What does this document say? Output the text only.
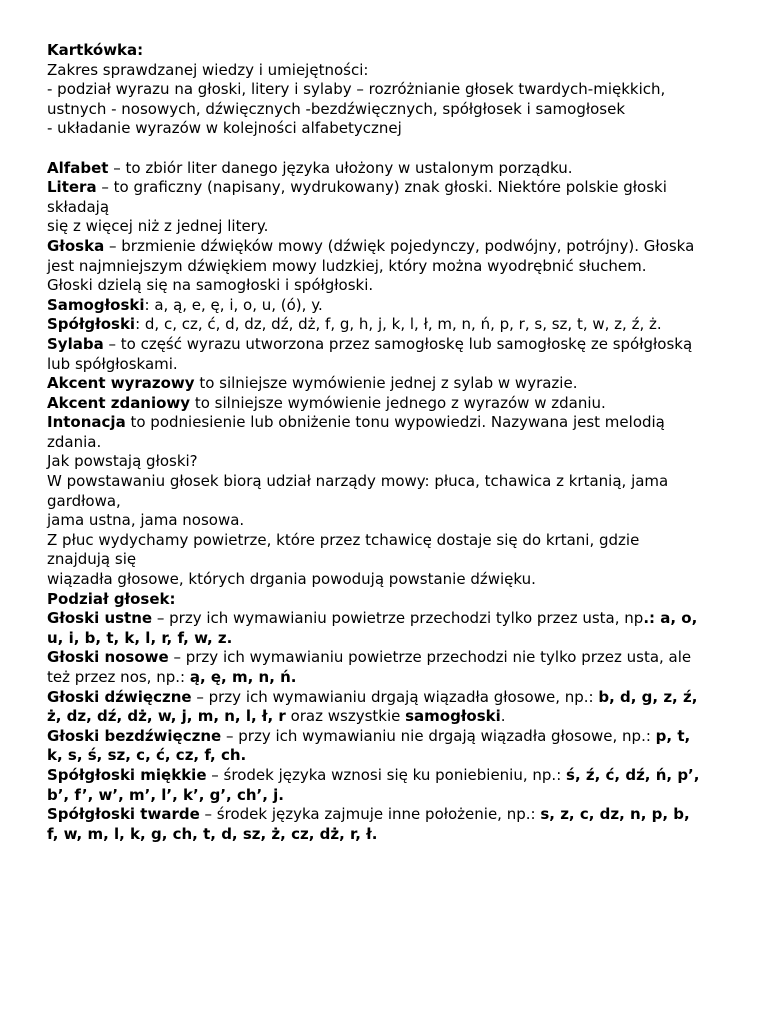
Kartkówka:
Zakres sprawdzanej wiedzy i umiejętności:
- podział wyrazu na głoski, litery i sylaby – rozróżnianie głosek twardych-miękkich,
ustnych - nosowych, dźwięcznych -bezdźwięcznych, spółgłosek i samogłosek
- układanie wyrazów w kolejności alfabetycznej
Alfabet – to zbiór liter danego języka ułożony w ustalonym porządku.
Litera – to graficzny (napisany, wydrukowany) znak głoski. Niektóre polskie głoski
składają
się z więcej niż z jednej litery.
Głoska – brzmienie dźwięków mowy (dźwięk pojedynczy, podwójny, potrójny). Głoska
jest najmniejszym dźwiękiem mowy ludzkiej, który można wyodrębnić słuchem.
Głoski dzielą się na samogłoski i spółgłoski.
Samogłoski: a, ą, e, ę, i, o, u, (ó), y.
Spółgłoski: d, c, cz, ć, d, dz, dź, dż, f, g, h, j, k, l, ł, m, n, ń, p, r, s, sz, t, w, z, ź, ż.
Sylaba – to część wyrazu utworzona przez samogłoskę lub samogłoskę ze spółgłoską
lub spółgłoskami.
Akcent wyrazowy to silniejsze wymówienie jednej z sylab w wyrazie.
Akcent zdaniowy to silniejsze wymówienie jednego z wyrazów w zdaniu.
Intonacja to podniesienie lub obniżenie tonu wypowiedzi. Nazywana jest melodią
zdania.
Jak powstają głoski?
W powstawaniu głosek biorą udział narządy mowy: płuca, tchawica z krtanią, jama
gardłowa,
jama ustna, jama nosowa.
Z płuc wydychamy powietrze, które przez tchawicę dostaje się do krtani, gdzie
znajdują się
wiązadła głosowe, których drgania powodują powstanie dźwięku.
Podział głosek:
Głoski ustne – przy ich wymawianiu powietrze przechodzi tylko przez usta, np.: a, o,
u, i, b, t, k, l, r, f, w, z.
Głoski nosowe – przy ich wymawianiu powietrze przechodzi nie tylko przez usta, ale
też przez nos, np.: ą, ę, m, n, ń.
Głoski dźwięczne – przy ich wymawianiu drgają wiązadła głosowe, np.: b, d, g, z, ź,
ż, dz, dź, dż, w, j, m, n, l, ł, r oraz wszystkie samogłoski.
Głoski bezdźwięczne – przy ich wymawianiu nie drgają wiązadła głosowe, np.: p, t,
k, s, ś, sz, c, ć, cz, f, ch.
Spółgłoski miękkie – środek języka wznosi się ku poniebieniu, np.: ś, ź, ć, dź, ń, p’,
b’, f’, w’, m’, l’, k’, g’, ch’, j.
Spółgłoski twarde – środek języka zajmuje inne położenie, np.: s, z, c, dz, n, p, b,
f, w, m, l, k, g, ch, t, d, sz, ż, cz, dż, r, ł.
